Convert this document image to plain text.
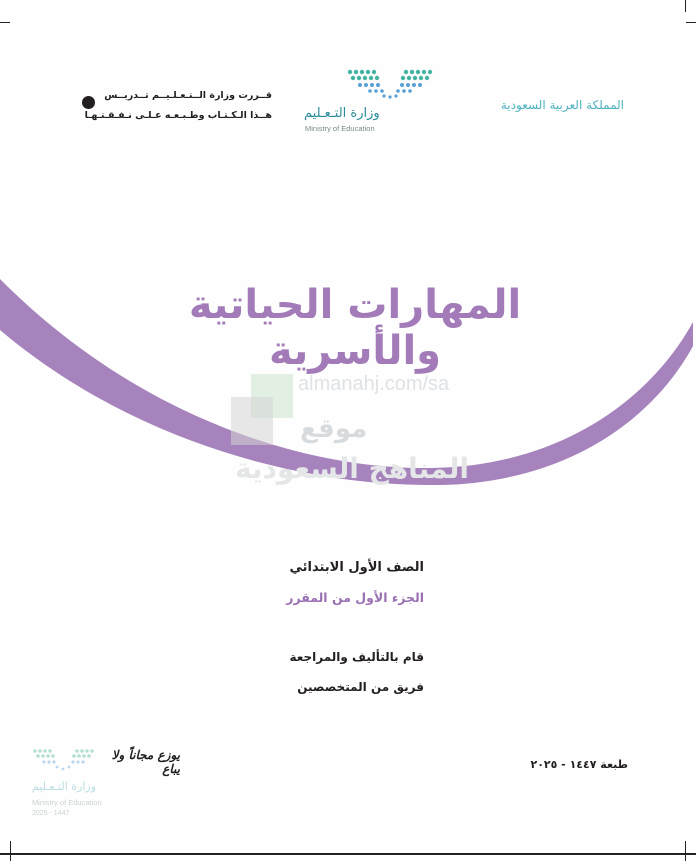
المملكة العربية السعودية
وزارة التـعـليم
Ministry of Education
قــررت وزارة الــتـعـلـيــم تــدريــس
هــذا الـكـتـاب وطـبـعـه عـلـى نـفـقـتـهـا
المهارات الحياتية والأسرية
almanahj.com/sa
موقع
المناهج السعودية
الصف الأول الابتدائي
الجزء الأول من المقرر
قام بالتأليف والمراجعة
فريق من المتخصصين
طبعة ١٤٤٧ - ٢٠٢٥
يوزع مجاناً ولا يباع
وزارة التـعـليم
Ministry of Education
2025 - 1447
